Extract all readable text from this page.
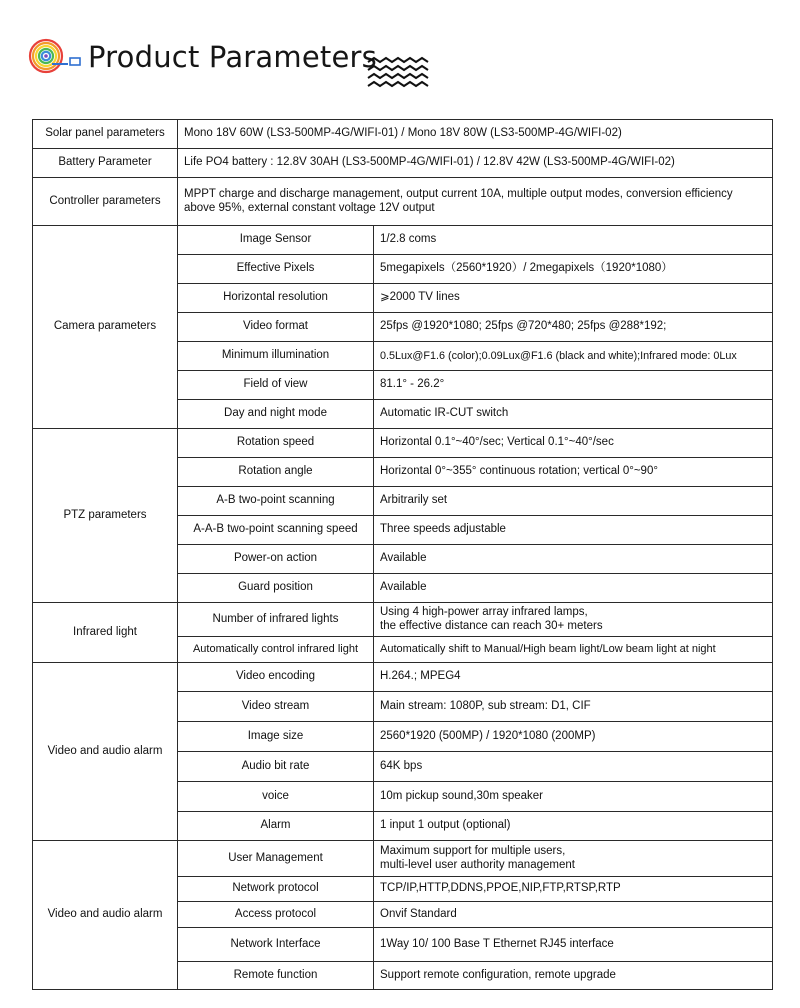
Product Parameters
Solar panel parameters	Mono 18V 60W (LS3-500MP-4G/WIFI-01) / Mono 18V 80W (LS3-500MP-4G/WIFI-02)	
Battery Parameter	Life PO4 battery : 12.8V 30AH (LS3-500MP-4G/WIFI-01) / 12.8V 42W (LS3-500MP-4G/WIFI-02)	
Controller parameters	MPPT charge and discharge management, output current 10A, multiple output modes, conversion efficiency above 95%, external constant voltage 12V output	
Camera parameters	Image Sensor	1/2.8 coms
	Effective Pixels	5megapixels（2560*1920）/ 2megapixels（1920*1080）
	Horizontal resolution	⩾2000 TV lines
	Video format	25fps @1920*1080; 25fps @720*480; 25fps @288*192;
	Minimum illumination	0.5Lux@F1.6 (color);0.09Lux@F1.6 (black and white);Infrared mode: 0Lux
	Field of view	81.1° - 26.2°
	Day and night mode	Automatic IR-CUT switch
PTZ parameters	Rotation speed	Horizontal 0.1°~40°/sec; Vertical 0.1°~40°/sec
	Rotation angle	Horizontal 0°~355° continuous rotation; vertical 0°~90°
	A-B two-point scanning	Arbitrarily set
	A-A-B two-point scanning speed	Three speeds adjustable
	Power-on action	Available
	Guard position	Available
Infrared light	Number of infrared lights	Using 4 high-power array infrared lamps,
the effective distance can reach 30+ meters

	Automatically control infrared light	Automatically shift to Manual/High beam light/Low beam light at night
Video and audio alarm	Video encoding	H.264.; MPEG4
	Video stream	Main stream: 1080P, sub stream: D1, CIF
	Image size	2560*1920 (500MP) / 1920*1080 (200MP)
	Audio bit rate	64K bps
	voice	10m pickup sound,30m speaker
	Alarm	1 input 1 output (optional)
Video and audio alarm	User Management	Maximum support for multiple users,
multi-level user authority management

	Network protocol	TCP/IP,HTTP,DDNS,PPOE,NIP,FTP,RTSP,RTP
	Access protocol	Onvif Standard
	Network Interface	1Way 10/ 100 Base T Ethernet RJ45 interface
	Remote function	Support remote configuration, remote upgrade
